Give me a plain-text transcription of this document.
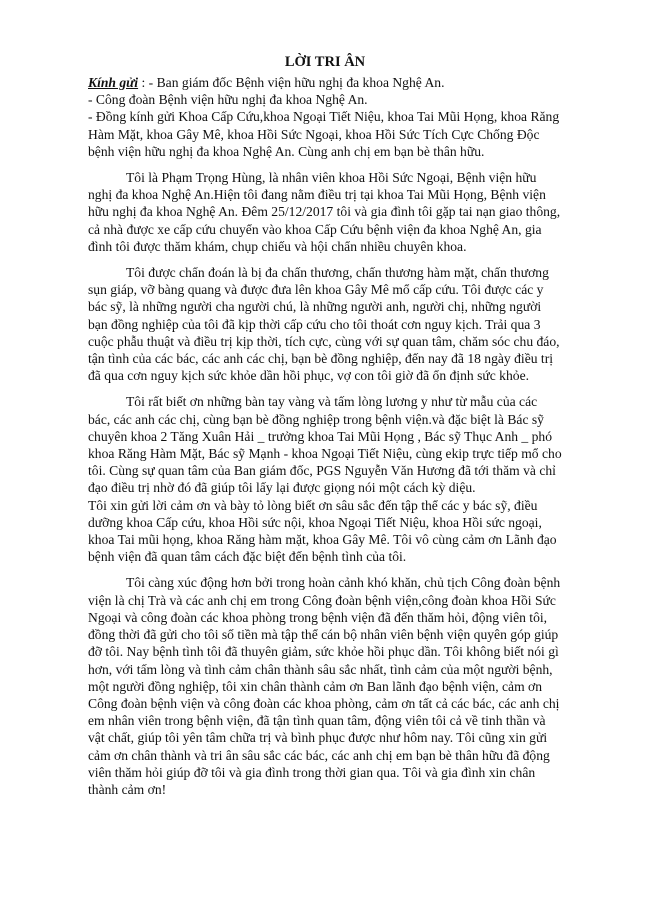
LỜI TRI ÂN

Kính gửi : - Ban giám đốc Bệnh viện hữu nghị đa khoa Nghệ An.

- Công đoàn Bệnh viện hữu nghị đa khoa Nghệ An.

- Đồng kính gửi Khoa Cấp Cứu,khoa Ngoại Tiết Niệu, khoa Tai Mũi Họng, khoa Răng Hàm Mặt, khoa Gây Mê, khoa Hồi Sức Ngoại, khoa Hồi Sức Tích Cực Chống Độc bệnh viện hữu nghị đa khoa Nghệ An. Cùng anh chị em bạn bè thân hữu.

Tôi là Phạm Trọng Hùng, là nhân viên khoa Hồi Sức Ngoại, Bệnh viện hữu nghị đa khoa Nghệ An.Hiện tôi đang nằm điều trị tại khoa Tai Mũi Họng, Bệnh viện hữu nghị đa khoa Nghệ An. Đêm 25/12/2017 tôi và gia đình tôi gặp tai nạn giao thông, cả nhà được xe cấp cứu chuyển vào khoa Cấp Cứu bệnh viện đa khoa Nghệ An, gia đình tôi được thăm khám, chụp chiếu và hội chẩn nhiều chuyên khoa.

Tôi được chẩn đoán là bị đa chấn thương, chấn thương hàm mặt, chấn thương sụn giáp, vỡ bàng quang và được đưa lên khoa Gây Mê mổ cấp cứu. Tôi được các y bác sỹ, là những người cha người chú, là những người anh, người chị, những người bạn đồng nghiệp của tôi đã kịp thời cấp cứu cho tôi thoát cơn nguy kịch. Trải qua 3 cuộc phẫu thuật và điều trị kịp thời, tích cực, cùng với sự quan tâm, chăm sóc chu đáo, tận tình của các bác, các anh các chị, bạn bè đồng nghiệp, đến nay đã 18 ngày điều trị đã qua cơn nguy kịch sức khỏe dần hồi phục, vợ con tôi giờ đã ổn định sức khỏe.

Tôi rất biết ơn những bàn tay vàng và tấm lòng lương y như từ mẫu của các bác, các anh các chị, cùng bạn bè đồng nghiệp trong bệnh viện.và đặc biệt là Bác sỹ chuyên khoa 2 Tăng Xuân Hải _ trưởng khoa Tai Mũi Họng , Bác sỹ Thục Anh _ phó khoa Răng Hàm Mặt, Bác sỹ Mạnh - khoa Ngoại Tiết Niệu, cùng ekip trực tiếp mổ cho tôi. Cùng sự quan tâm của Ban giám đốc, PGS Nguyễn Văn Hương đã tới thăm và chỉ đạo điều trị nhờ đó đã giúp tôi lấy lại được giọng nói một cách kỳ diệu.

Tôi xin gửi lời cảm ơn và bày tỏ lòng biết ơn sâu sắc đến tập thể các y bác sỹ, điều dưỡng khoa Cấp cứu, khoa Hồi sức nội, khoa Ngoại Tiết Niệu, khoa Hồi sức ngoại, khoa Tai mũi họng, khoa Răng hàm mặt, khoa Gây Mê. Tôi vô cùng cảm ơn Lãnh đạo bệnh viện đã quan tâm cách đặc biệt đến bệnh tình của tôi.

Tôi càng xúc động hơn bởi trong hoàn cảnh khó khăn, chủ tịch Công đoàn bệnh viện là chị Trà và các anh chị em trong Công đoàn bệnh viện,công đoàn khoa Hồi Sức Ngoại và công đoàn các khoa phòng trong bệnh viện đã đến thăm hỏi, động viên tôi, đồng thời đã gửi cho tôi số tiền mà tập thể cán bộ nhân viên bệnh viện quyên góp giúp đỡ tôi. Nay bệnh tình tôi đã thuyên giảm, sức khỏe hồi phục dần. Tôi không biết nói gì hơn, với tấm lòng và tình cảm chân thành sâu sắc nhất, tình cảm của một người bệnh, một người đồng nghiệp, tôi xin chân thành cảm ơn Ban lãnh đạo bệnh viện, cảm ơn Công đoàn bệnh viện và công đoàn các khoa phòng, cảm ơn tất cả các bác, các anh chị em nhân viên trong bệnh viện, đã tận tình quan tâm, động viên tôi cả về tinh thần và vật chất, giúp tôi yên tâm chữa trị và bình phục được như hôm nay. Tôi cũng xin gửi cảm ơn chân thành và tri ân sâu sắc các bác, các anh chị em bạn bè thân hữu đã động viên thăm hỏi giúp đỡ tôi và gia đình trong thời gian qua. Tôi và gia đình xin chân thành cảm ơn!
